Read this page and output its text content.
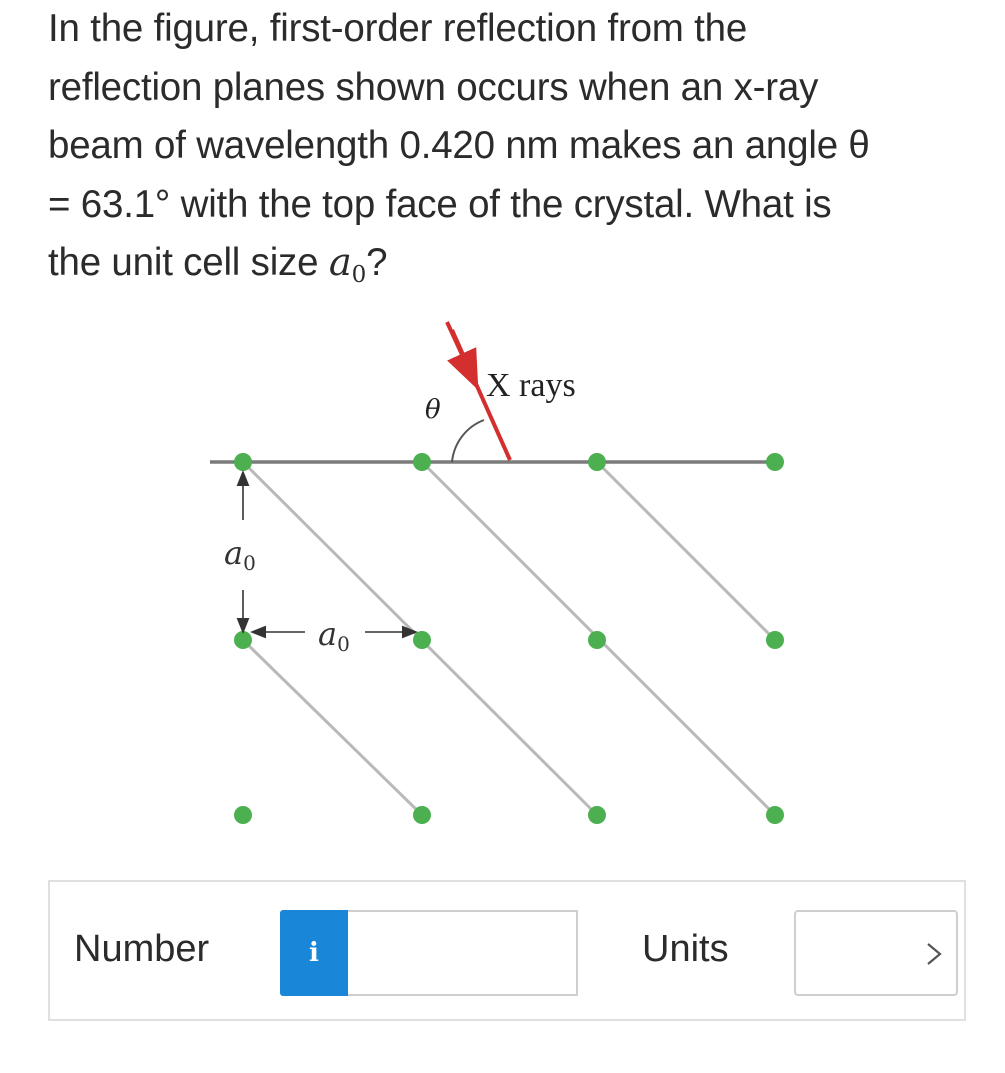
In the figure, first-order reflection from the
reflection planes shown occurs when an x-ray
beam of wavelength 0.420 nm makes an angle θ
= 63.1° with the top face of the crystal. What is
the unit cell size $a_0$?
a0
a0
θ
X rays
Number	i	Units
